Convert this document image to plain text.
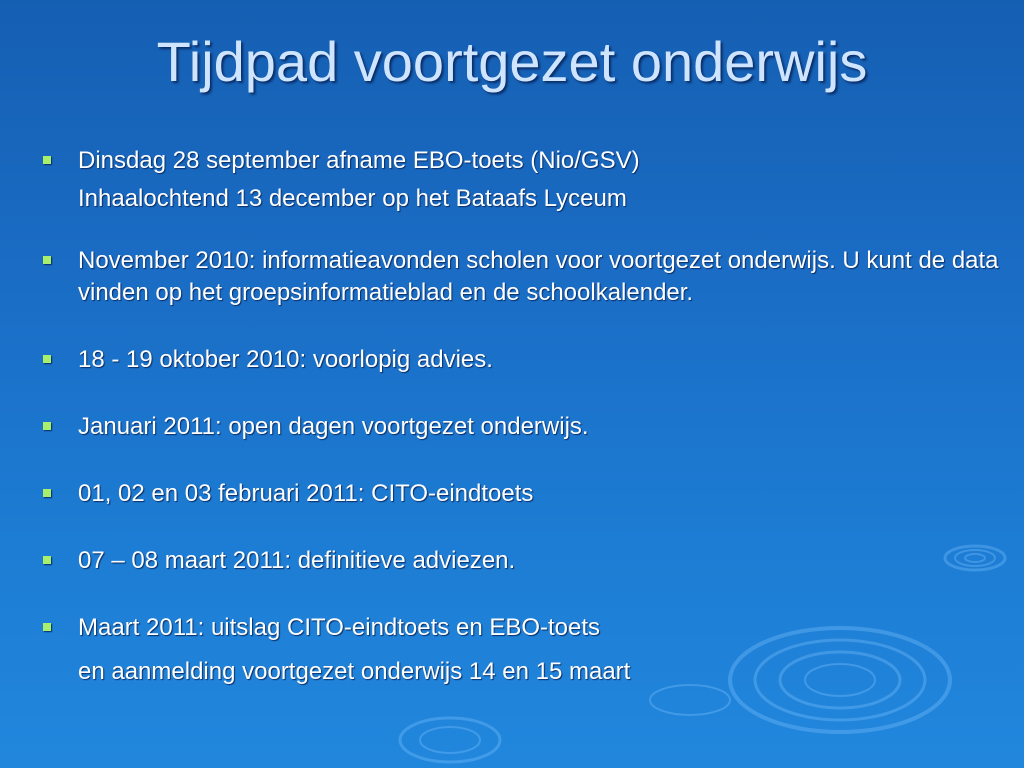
Tijdpad voortgezet onderwijs
Dinsdag 28 september afname EBO-toets (Nio/GSV)
Inhaalochtend 13 december op het Bataafs Lyceum
November 2010: informatieavonden scholen voor voortgezet onderwijs. U kunt de data vinden op het groepsinformatieblad en de schoolkalender.
18 - 19 oktober 2010: voorlopig advies.
Januari 2011: open dagen voortgezet onderwijs.
01, 02 en 03 februari 2011: CITO-eindtoets
07 – 08 maart 2011: definitieve adviezen.
Maart 2011: uitslag CITO-eindtoets en EBO-toets
en aanmelding voortgezet onderwijs 14 en 15 maart
